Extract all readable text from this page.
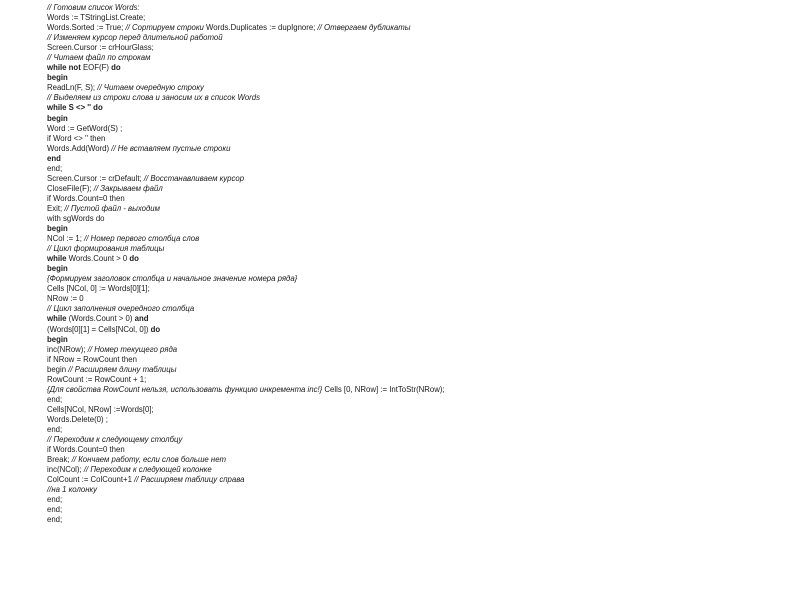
// Готовим список Words:
Words := TStringList.Create;
Words.Sorted := True; // Сортируем строки Words.Duplicates := dupIgnore; // Отвергаем дубликаты
// Изменяем курсор перед длительной работой
Screen.Cursor := crHourGlass;
// Читаем файл по строкам
while not EOF(F) do
begin
ReadLn(F, S); // Читаем очередную строку
// Выделяем из строки слова и заносим их в список Words
while S <> '' do
begin
Word := GetWord(S) ;
if Word <> '' then
Words.Add(Word) // Не вставляем пустые строки
end
end;
Screen.Cursor := crDefault; // Восстанавливаем курсор
CloseFile(F); // Закрываем файл
if Words.Count=0 then
Exit; // Пустой файл - выходим
with sgWords do
begin
NCol := 1; // Номер первого столбца слов
// Цикл формирования таблицы
while Words.Count > 0 do
begin
{Формируем заголовок столбца и начальное значение номера ряда}
Cells [NCol, 0] := Words[0][1];
NRow := 0
// Цикл заполнения очередного столбца
while (Words.Count > 0) and
(Words[0][1] = Cells[NCol, 0]) do
begin
inc(NRow); // Номер текущего ряда
if NRow = RowCount then
begin // Расширяем длину таблицы
RowCount := RowCount + 1;
{Для свойства RowCount нельзя, использовать функцию инкремента inc!} Cells [0, NRow] := IntToStr(NRow);
end;
Cells[NCol, NRow] :=Words[0];
Words.Delete(0) ;
end;
// Переходим к следующему столбцу
if Words.Count=0 then
Break; // Кончаем работу, если слов больше нет
inc(NCol); // Переходим к следующей колонке
ColCount := ColCount+1 // Расширяем таблицу справа
//на 1 колонку
end;
end;
end;
